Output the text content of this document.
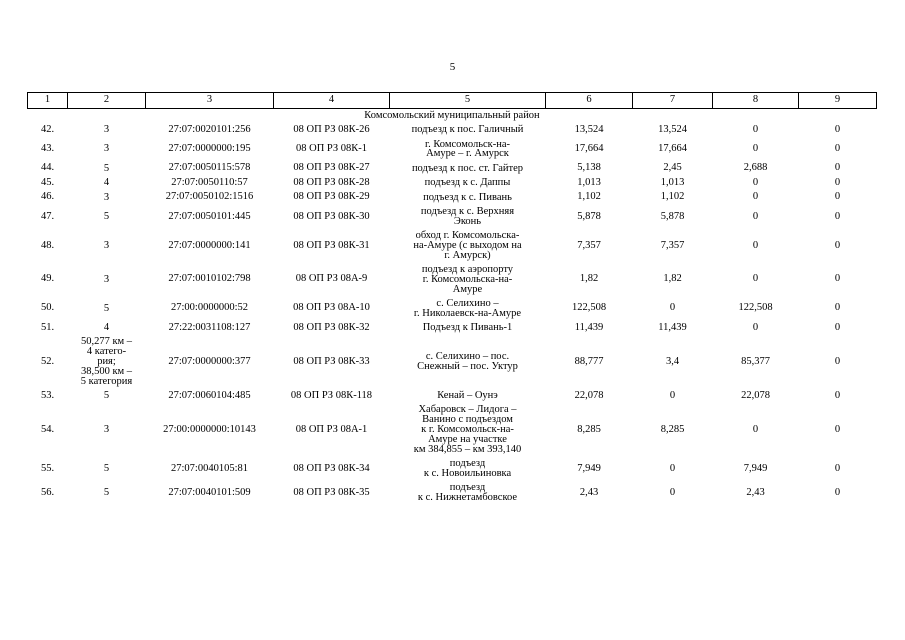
5
1	2	3	4	5	6	7	8	9
Комсомольский муниципальный район								
42.	3	27:07:0020101:256	08 ОП РЗ 08К-26	подъезд к пос. Галичный	13,524	13,524	0	0
43.	3	27:07:0000000:195	08 ОП РЗ 08К-1	г. Комсомольск-на-
Амуре – г. Амурск	17,664	17,664	0	0
44.	5	27:07:0050115:578	08 ОП РЗ 08К-27	подъезд к пос. ст. Гайтер	5,138	2,45	2,688	0
45.	4	27:07:0050110:57	08 ОП РЗ 08К-28	подъезд к с. Даппы	1,013	1,013	0	0
46.	3	27:07:0050102:1516	08 ОП РЗ 08К-29	подъезд к с. Пивань	1,102	1,102	0	0
47.	5	27:07:0050101:445	08 ОП РЗ 08К-30	подъезд к с. Верхняя
Эконь	5,878	5,878	0	0
48.	3	27:07:0000000:141	08 ОП РЗ 08К-31	обход г. Комсомольска-
на-Амуре (с выходом на
г. Амурск)	7,357	7,357	0	0
49.	3	27:07:0010102:798	08 ОП РЗ 08А-9	подъезд к аэропорту
г. Комсомольска-на-
Амуре	1,82	1,82	0	0
50.	5	27:00:0000000:52	08 ОП РЗ 08А-10	с. Селихино –
г. Николаевск-на-Амуре	122,508	0	122,508	0
51.	4	27:22:0031108:127	08 ОП РЗ 08К-32	Подъезд к Пивань-1	11,439	11,439	0	0
52.	50,277 км –
4 катего-
рия;
38,500 км –
5 категория	27:07:0000000:377	08 ОП РЗ 08К-33	с. Селихино – пос.
Снежный – пос. Уктур	88,777	3,4	85,377	0
53.	5	27:07:0060104:485	08 ОП РЗ 08К-118	Кенай – Оунэ	22,078	0	22,078	0
54.	3	27:00:0000000:10143	08 ОП РЗ 08А-1	Хабаровск – Лидога –
Ванино с подъездом
к г. Комсомольск-на-
Амуре на участке
км 384,855 – км 393,140	8,285	8,285	0	0
55.	5	27:07:0040105:81	08 ОП РЗ 08К-34	подъезд
к с. Новоильиновка	7,949	0	7,949	0
56.	5	27:07:0040101:509	08 ОП РЗ 08К-35	подъезд
к с. Нижнетамбовское	2,43	0	2,43	0
